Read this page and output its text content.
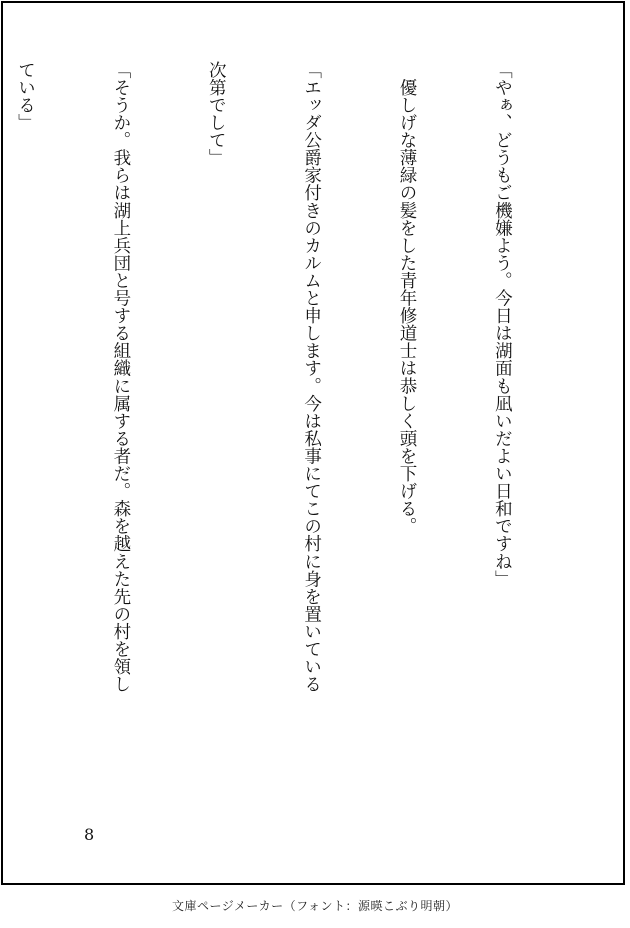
「やぁ、どうもご機嫌よう。今日は湖面も凪いだよい日和ですね」

　優しげな薄緑の髪をした青年修道士は恭しく頭を下げる。

「エッダ公爵家付きのカルムと申します。今は私事にてこの村に身を置いている

次第でして」

「そうか。我らは湖上兵団と号する組織に属する者だ。森を越えた先の村を領し

ている」

8
文庫ページメーカー（フォント：源暎こぶり明朝）
